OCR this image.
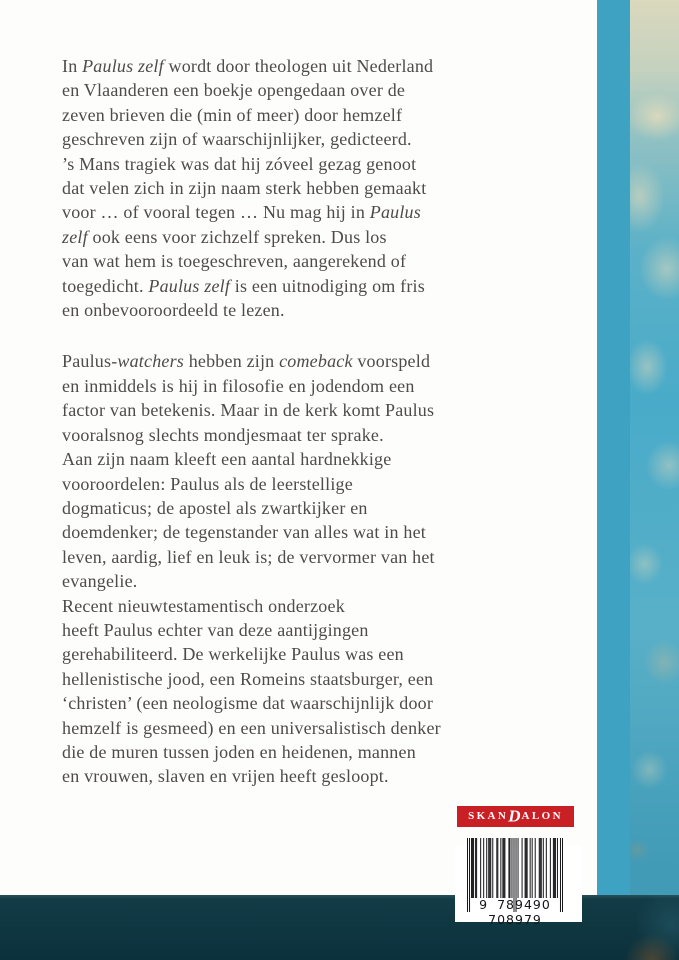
In Paulus zelf wordt door theologen uit Nederland
en Vlaanderen een boekje opengedaan over de
zeven brieven die (min of meer) door hemzelf
geschreven zijn of waarschijnlijker, gedicteerd.
’s Mans tragiek was dat hij zóveel gezag genoot
dat velen zich in zijn naam sterk hebben gemaakt
voor … of vooral tegen … Nu mag hij in Paulus
zelf ook eens voor zichzelf spreken. Dus los
van wat hem is toegeschreven, aangerekend of
toegedicht. Paulus zelf is een uitnodiging om fris
en onbevooroordeeld te lezen.
Paulus-watchers hebben zijn comeback voorspeld
en inmiddels is hij in filosofie en jodendom een
factor van betekenis. Maar in de kerk komt Paulus
vooralsnog slechts mondjesmaat ter sprake.
Aan zijn naam kleeft een aantal hardnekkige
vooroordelen: Paulus als de leerstellige
dogmaticus; de apostel als zwartkijker en
doemdenker; de tegenstander van alles wat in het
leven, aardig, lief en leuk is; de vervormer van het
evangelie.
Recent nieuwtestamentisch onderzoek
heeft Paulus echter van deze aantijgingen
gerehabiliteerd. De werkelijke Paulus was een
hellenistische jood, een Romeins staatsburger, een
‘christen’ (een neologisme dat waarschijnlijk door
hemzelf is gesmeed) en een universalistisch denker
die de muren tussen joden en heidenen, mannen
en vrouwen, slaven en vrijen heeft gesloopt.
SKAN D ALON
9 789490 708979
